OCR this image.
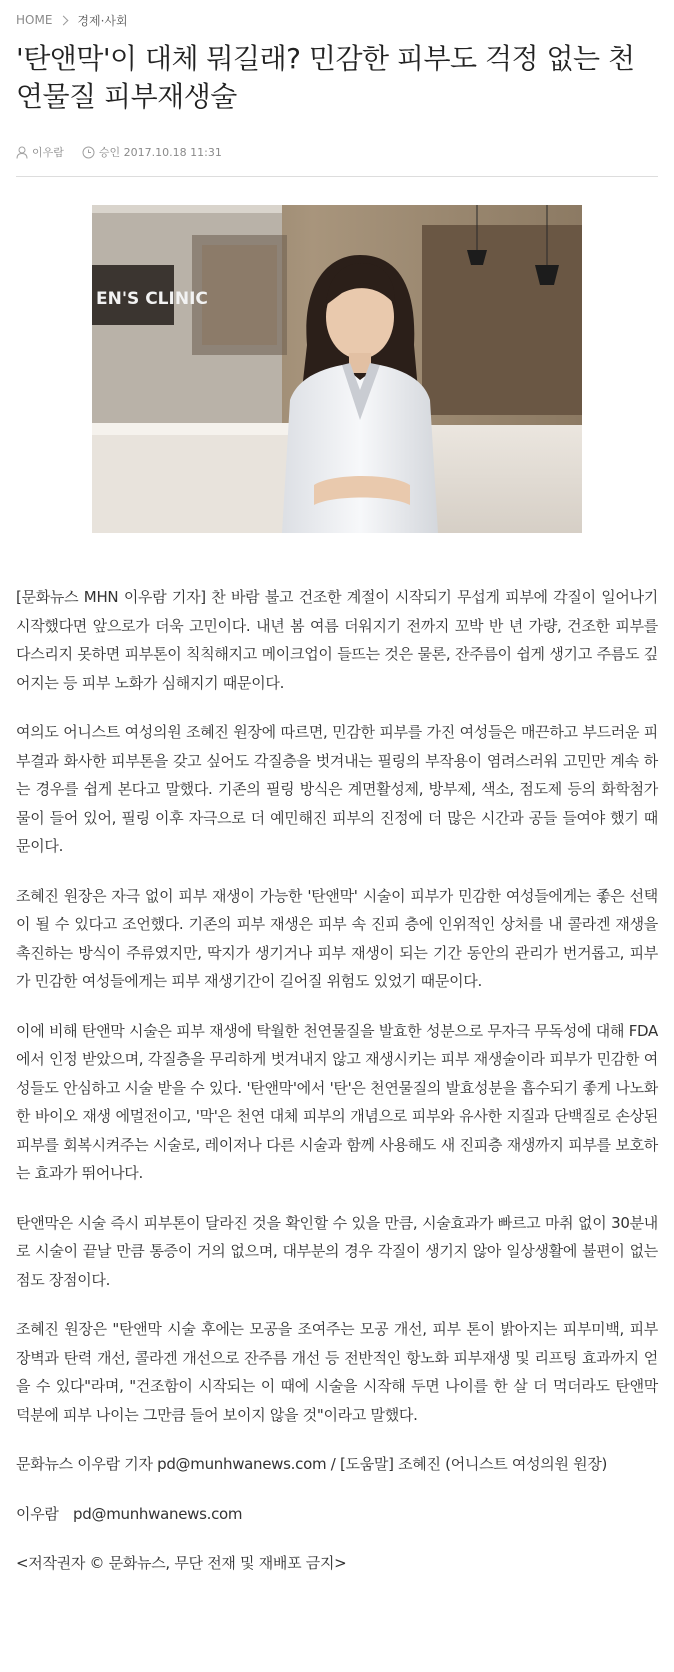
HOME 경제·사회
'탄앤막'이 대체 뭐길래? 민감한 피부도 걱정 없는 천연물질 피부재생술
이우람	승인 2017.10.18 11:31
EN'S CLINIC

[문화뉴스 MHN 이우람 기자] 찬 바람 불고 건조한 계절이 시작되기 무섭게 피부에 각질이 일어나기 시작했다면 앞으로가 더욱 고민이다. 내년 봄 여름 더워지기 전까지 꼬박 반 년 가량, 건조한 피부를 다스리지 못하면 피부톤이 칙칙해지고 메이크업이 들뜨는 것은 물론, 잔주름이 쉽게 생기고 주름도 깊어지는 등 피부 노화가 심해지기 때문이다.

여의도 어니스트 여성의원 조혜진 원장에 따르면, 민감한 피부를 가진 여성들은 매끈하고 부드러운 피부결과 화사한 피부톤을 갖고 싶어도 각질층을 벗겨내는 필링의 부작용이 염려스러워 고민만 계속 하는 경우를 쉽게 본다고 말했다. 기존의 필링 방식은 계면활성제, 방부제, 색소, 점도제 등의 화학첨가물이 들어 있어, 필링 이후 자극으로 더 예민해진 피부의 진정에 더 많은 시간과 공들 들여야 했기 때문이다.

조혜진 원장은 자극 없이 피부 재생이 가능한 '탄앤막' 시술이 피부가 민감한 여성들에게는 좋은 선택이 될 수 있다고 조언했다. 기존의 피부 재생은 피부 속 진피 층에 인위적인 상처를 내 콜라겐 재생을 촉진하는 방식이 주류였지만, 딱지가 생기거나 피부 재생이 되는 기간 동안의 관리가 번거롭고, 피부가 민감한 여성들에게는 피부 재생기간이 길어질 위험도 있었기 때문이다.

이에 비해 탄앤막 시술은 피부 재생에 탁월한 천연물질을 발효한 성분으로 무자극 무독성에 대해 FDA 에서 인정 받았으며, 각질층을 무리하게 벗겨내지 않고 재생시키는 피부 재생술이라 피부가 민감한 여성들도 안심하고 시술 받을 수 있다. '탄앤막'에서 '탄'은 천연물질의 발효성분을 흡수되기 좋게 나노화한 바이오 재생 에멀전이고, '막'은 천연 대체 피부의 개념으로 피부와 유사한 지질과 단백질로 손상된 피부를 회복시켜주는 시술로, 레이저나 다른 시술과 함께 사용해도 새 진피층 재생까지 피부를 보호하는 효과가 뛰어나다.

탄앤막은 시술 즉시 피부톤이 달라진 것을 확인할 수 있을 만큼, 시술효과가 빠르고 마취 없이 30분내로 시술이 끝날 만큼 통증이 거의 없으며, 대부분의 경우 각질이 생기지 않아 일상생활에 불편이 없는 점도 장점이다.

조혜진 원장은 "탄앤막 시술 후에는 모공을 조여주는 모공 개선, 피부 톤이 밝아지는 피부미백, 피부 장벽과 탄력 개선, 콜라겐 개선으로 잔주름 개선 등 전반적인 항노화 피부재생 및 리프팅 효과까지 얻을 수 있다"라며, "건조함이 시작되는 이 때에 시술을 시작해 두면 나이를 한 살 더 먹더라도 탄앤막 덕분에 피부 나이는 그만큼 들어 보이지 않을 것"이라고 말했다.

문화뉴스 이우람 기자 pd@munhwanews.com / [도움말] 조혜진 (어니스트 여성의원 원장)
이우람 pd@munhwanews.com
<저작권자 © 문화뉴스, 무단 전재 및 재배포 금지>
